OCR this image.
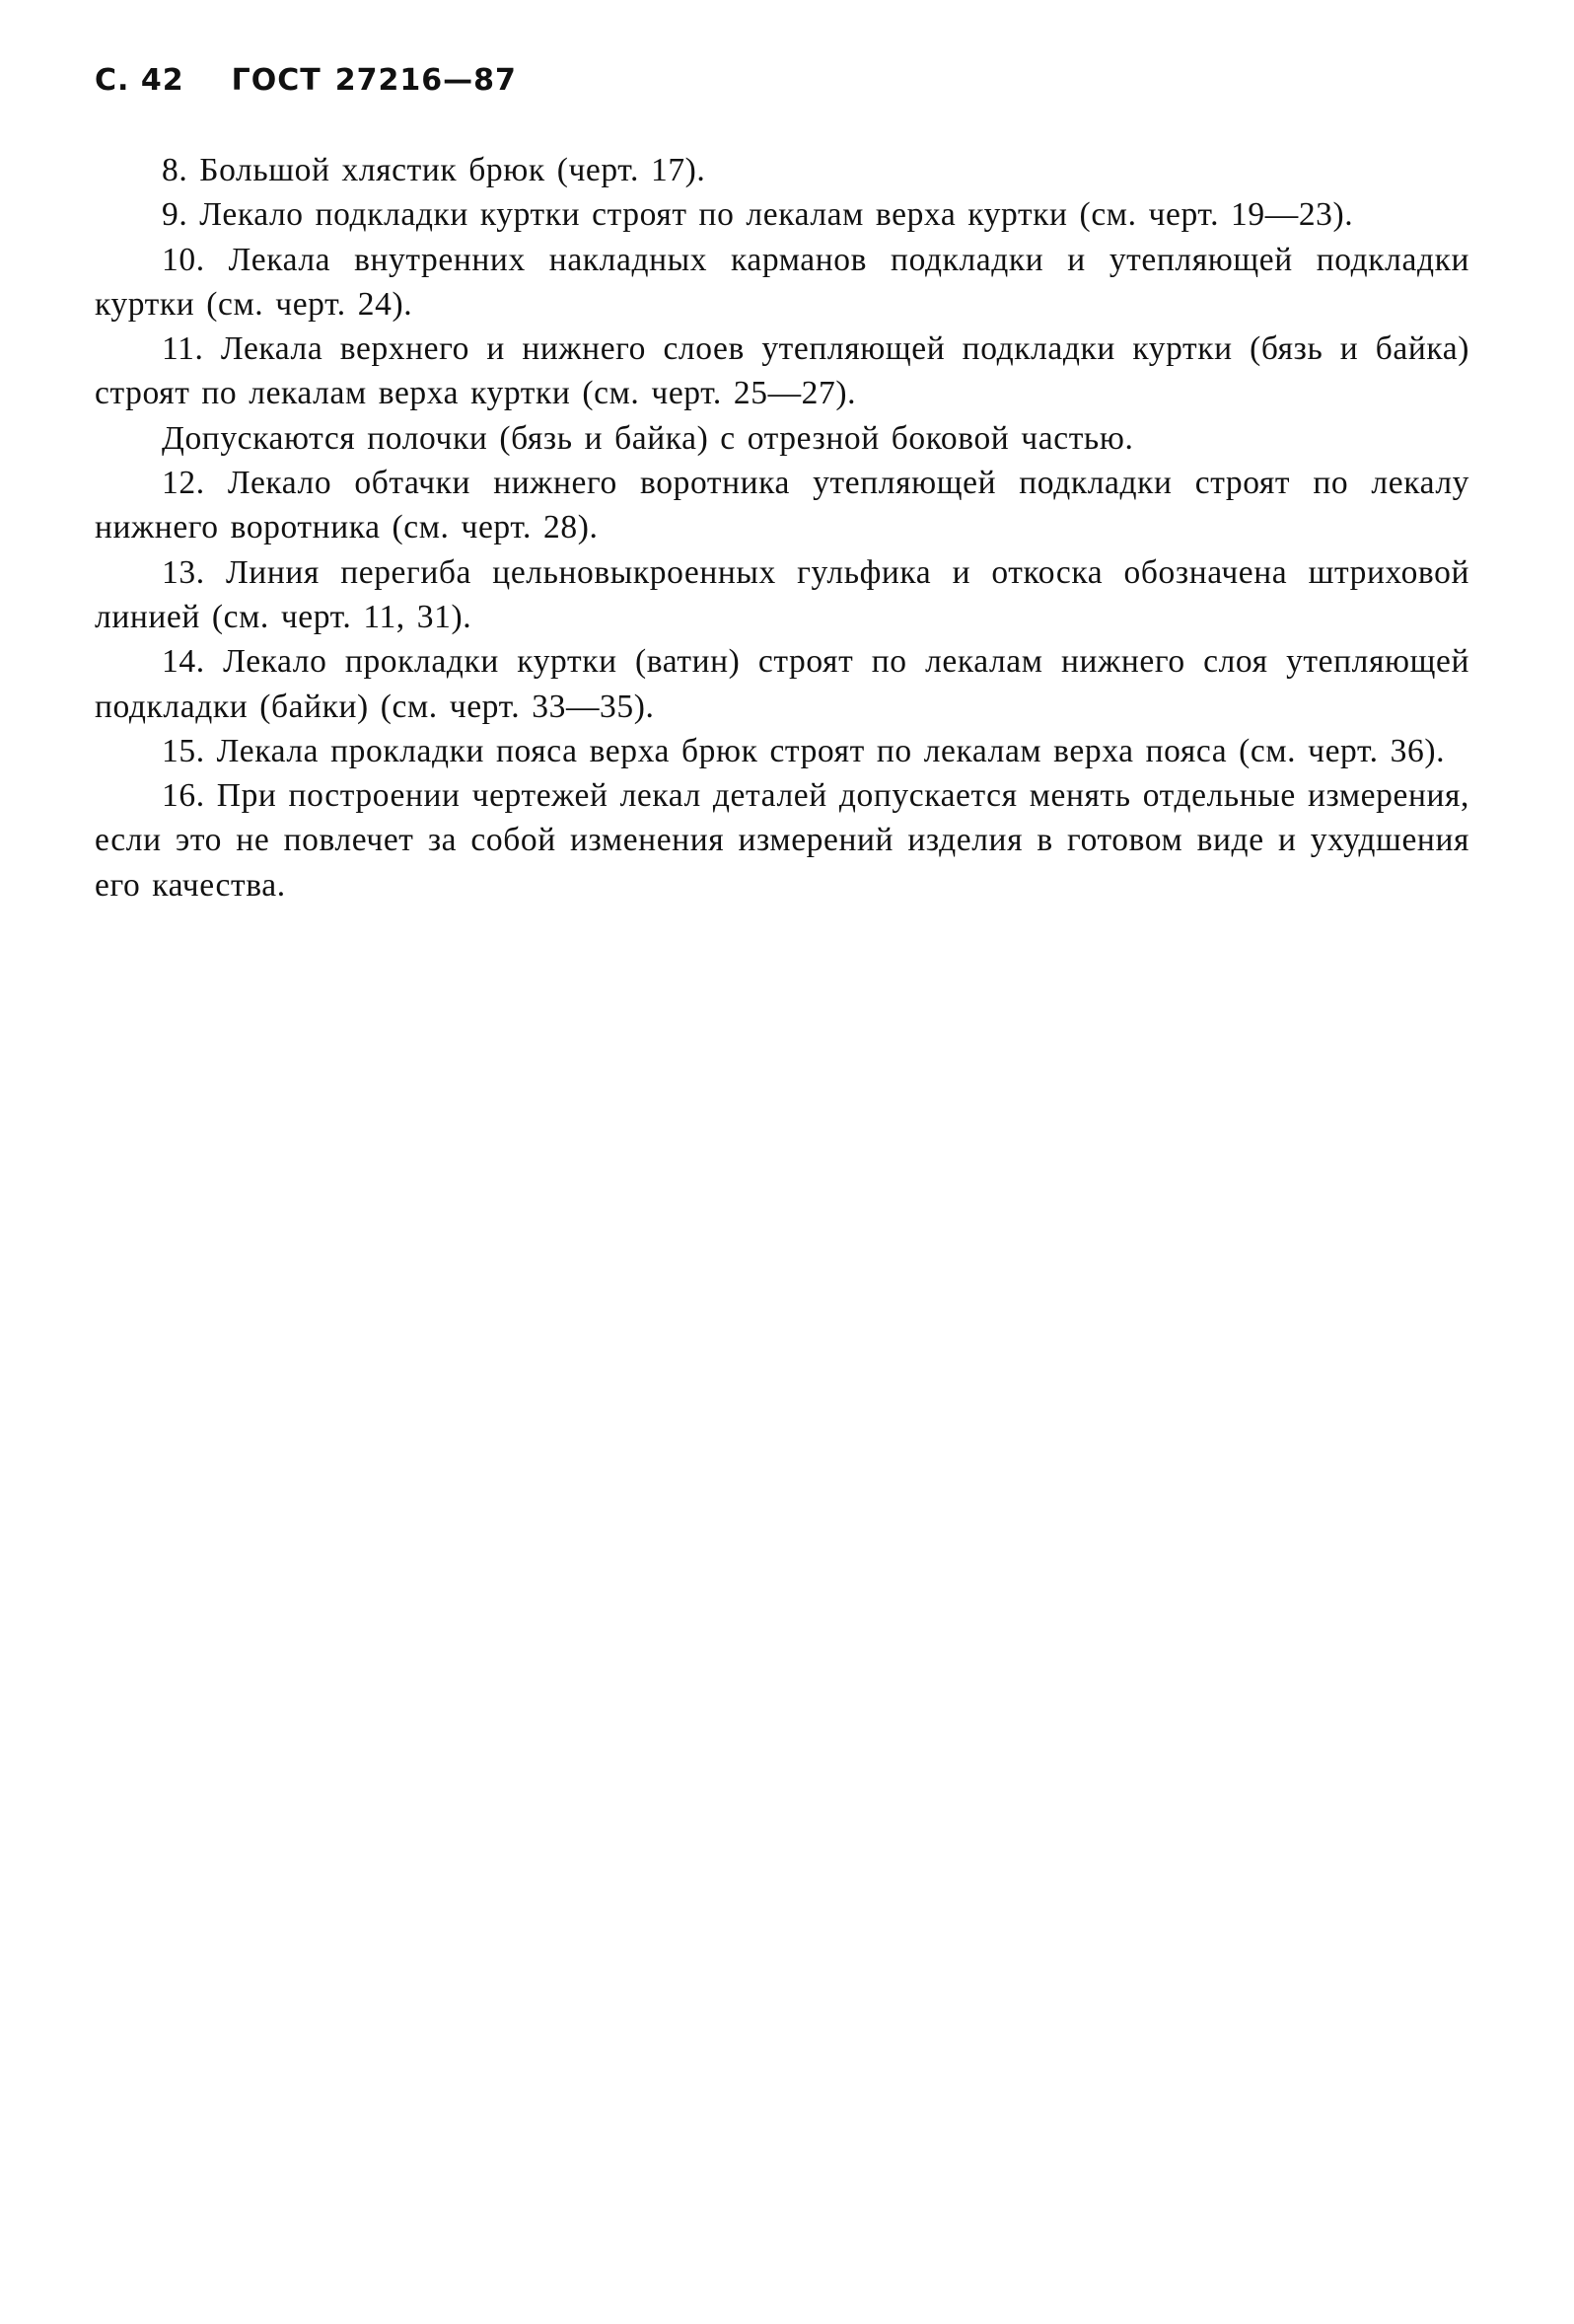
С. 42 ГОСТ 27216—87

8. Большой хлястик брюк (черт. 17).

9. Лекало подкладки куртки строят по лекалам верха куртки (см. черт. 19—23).

10. Лекала внутренних накладных карманов подкладки и утепляющей подкладки куртки (см. черт. 24).

11. Лекала верхнего и нижнего слоев утепляющей подкладки куртки (бязь и байка) строят по лекалам верха куртки (см. черт. 25—27).

Допускаются полочки (бязь и байка) с отрезной боковой частью.

12. Лекало обтачки нижнего воротника утепляющей подкладки строят по лекалу нижнего воротника (см. черт. 28).

13. Линия перегиба цельновыкроенных гульфика и откоска обозначена штриховой линией (см. черт. 11, 31).

14. Лекало прокладки куртки (ватин) строят по лекалам нижнего слоя утепляющей подкладки (байки) (см. черт. 33—35).

15. Лекала прокладки пояса верха брюк строят по лекалам верха пояса (см. черт. 36).

16. При построении чертежей лекал деталей допускается менять отдельные измерения, если это не повлечет за собой изменения измерений изделия в готовом виде и ухудшения его качества.
